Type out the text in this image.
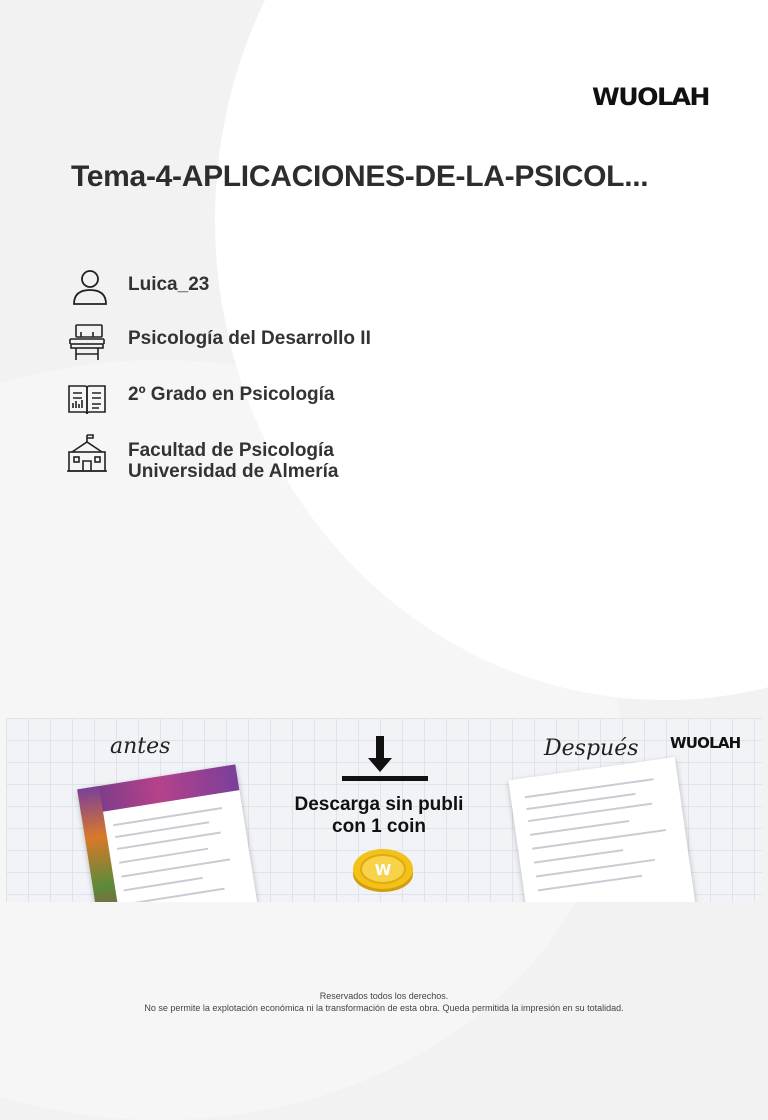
WUOLAH
Tema-4-APLICACIONES-DE-LA-PSICOL...
Luica_23
Psicología del Desarrollo II
2º Grado en Psicología
Facultad de Psicología
Universidad de Almería
antes
Descarga sin publi
con 1 coin
W
Después WUOLAH
Reservados todos los derechos.
No se permite la explotación económica ni la transformación de esta obra. Queda permitida la impresión en su totalidad.
